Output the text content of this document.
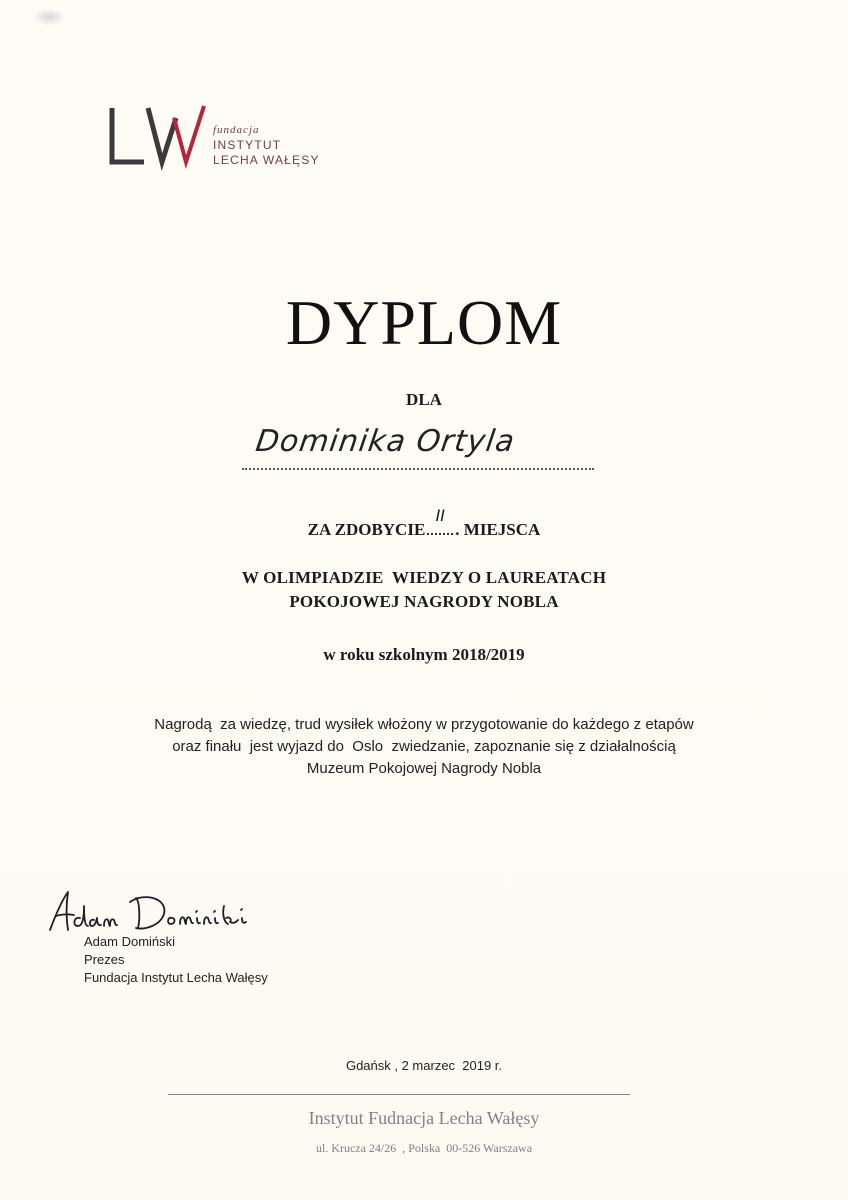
fundacja
INSTYTUT
LECHA WAŁĘSY
DYPLOM
DLA
Dominika Ortyla
ZA ZDOBYCIE
II
. MIEJSCA
W OLIMPIADZIE  WIEDZY O LAUREATACH
POKOJOWEJ NAGRODY NOBLA
w roku szkolnym 2018/2019
Nagrodą  za wiedzę, trud wysiłek włożony w przygotowanie do każdego z etapów
oraz finału  jest wyjazd do  Oslo  zwiedzanie, zapoznanie się z działalnością
Muzeum Pokojowej Nagrody Nobla
Adam Domiński
Prezes
Fundacja Instytut Lecha Wałęsy
Gdańsk , 2 marzec  2019 r.
Instytut Fudnacja Lecha Wałęsy
ul. Krucza 24/26  , Polska  00-526 Warszawa
